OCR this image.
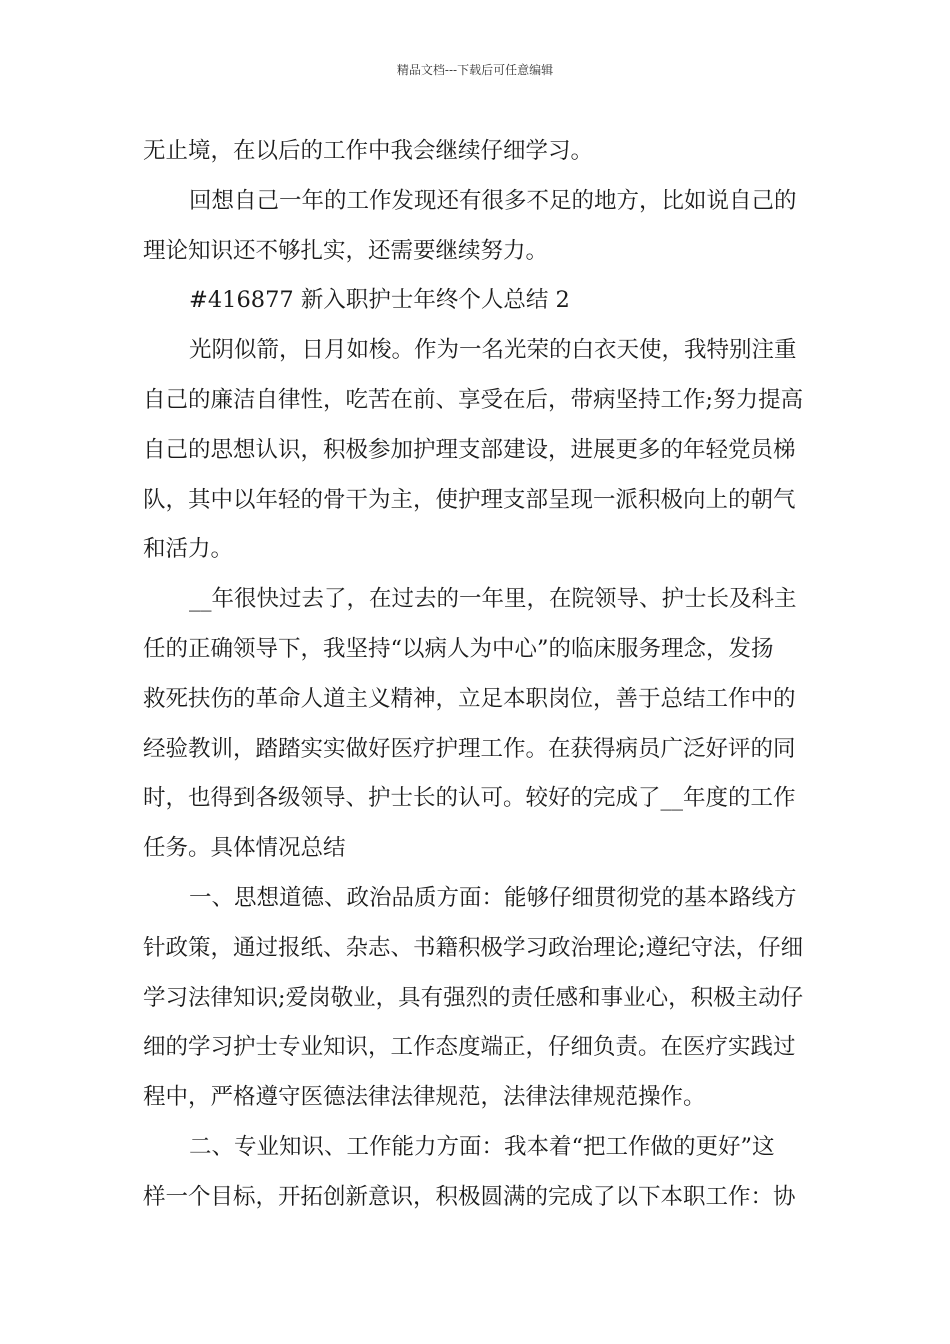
精品文档---下载后可任意编辑
无止境，在以后的工作中我会继续仔细学习。
回想自己一年的工作发现还有很多不足的地方，比如说自己的
理论知识还不够扎实，还需要继续努力。
#416877 新入职护士年终个人总结 2
光阴似箭，日月如梭。作为一名光荣的白衣天使，我特别注重
自己的廉洁自律性，吃苦在前、享受在后，带病坚持工作;努力提高
自己的思想认识，积极参加护理支部建设，进展更多的年轻党员梯
队，其中以年轻的骨干为主，使护理支部呈现一派积极向上的朝气
和活力。
__年很快过去了，在过去的一年里，在院领导、护士长及科主
任的正确领导下，我坚持“以病人为中心”的临床服务理念，发扬
救死扶伤的革命人道主义精神，立足本职岗位，善于总结工作中的
经验教训，踏踏实实做好医疗护理工作。在获得病员广泛好评的同
时，也得到各级领导、护士长的认可。较好的完成了__年度的工作
任务。具体情况总结
一、思想道德、政治品质方面：能够仔细贯彻党的基本路线方
针政策，通过报纸、杂志、书籍积极学习政治理论;遵纪守法，仔细
学习法律知识;爱岗敬业，具有强烈的责任感和事业心，积极主动仔
细的学习护士专业知识，工作态度端正，仔细负责。在医疗实践过
程中，严格遵守医德法律法律规范，法律法律规范操作。
二、专业知识、工作能力方面：我本着“把工作做的更好”这
样一个目标，开拓创新意识，积极圆满的完成了以下本职工作：协
